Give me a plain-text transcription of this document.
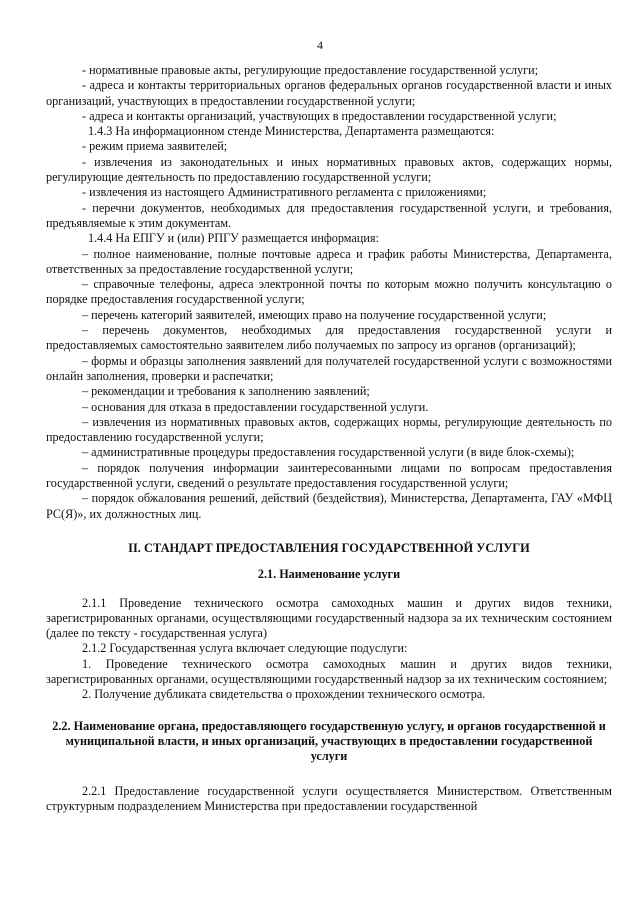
4

- нормативные правовые акты, регулирующие предоставление государственной услуги;

- адреса и контакты территориальных органов федеральных органов государственной власти и иных организаций, участвующих в предоставлении государственной услуги;

- адреса и контакты организаций, участвующих в предоставлении государственной услуги;

1.4.3 На информационном стенде Министерства, Департамента размещаются:

- режим приема заявителей;

- извлечения из законодательных и иных нормативных правовых актов, содержащих нормы, регулирующие деятельность по предоставлению государственной услуги;

- извлечения из настоящего Административного регламента с приложениями;

- перечни документов, необходимых для предоставления государственной услуги, и требования, предъявляемые к этим документам.

1.4.4 На ЕПГУ и (или) РПГУ размещается информация:

– полное наименование, полные почтовые адреса и график работы Министерства, Департамента, ответственных за предоставление государственной услуги;

– справочные телефоны, адреса электронной почты по которым можно получить консультацию о порядке предоставления государственной услуги;

– перечень категорий заявителей, имеющих право на получение государственной услуги;

– перечень документов, необходимых для предоставления государственной услуги и предоставляемых самостоятельно заявителем либо получаемых по запросу из органов (организаций);

– формы и образцы заполнения заявлений для получателей государственной услуги с возможностями онлайн заполнения, проверки и распечатки;

– рекомендации и требования к заполнению заявлений;

– основания для отказа в предоставлении государственной услуги.

– извлечения из нормативных правовых актов, содержащих нормы, регулирующие деятельность по предоставлению государственной услуги;

– административные процедуры предоставления государственной услуги (в виде блок-схемы);

– порядок получения информации заинтересованными лицами по вопросам предоставления государственной услуги, сведений о результате предоставления государственной услуги;

– порядок обжалования решений, действий (бездействия), Министерства, Департамента, ГАУ «МФЦ РС(Я)», их должностных лиц.

II. СТАНДАРТ ПРЕДОСТАВЛЕНИЯ ГОСУДАРСТВЕННОЙ УСЛУГИ

2.1. Наименование услуги

2.1.1 Проведение технического осмотра самоходных машин и других видов техники, зарегистрированных органами, осуществляющими государственный надзора за их техническим состоянием (далее по тексту - государственная услуга)

2.1.2 Государственная услуга включает следующие подуслуги:

1. Проведение технического осмотра самоходных машин и других видов техники, зарегистрированных органами, осуществляющими государственный надзор за их техническим состоянием;

2. Получение дубликата свидетельства о прохождении технического осмотра.

2.2. Наименование органа, предоставляющего государственную услугу, и органов государственной и муниципальной власти, и иных организаций, участвующих в предоставлении государственной услуги

2.2.1 Предоставление государственной услуги осуществляется Министерством. Ответственным структурным подразделением Министерства при предоставлении государственной
